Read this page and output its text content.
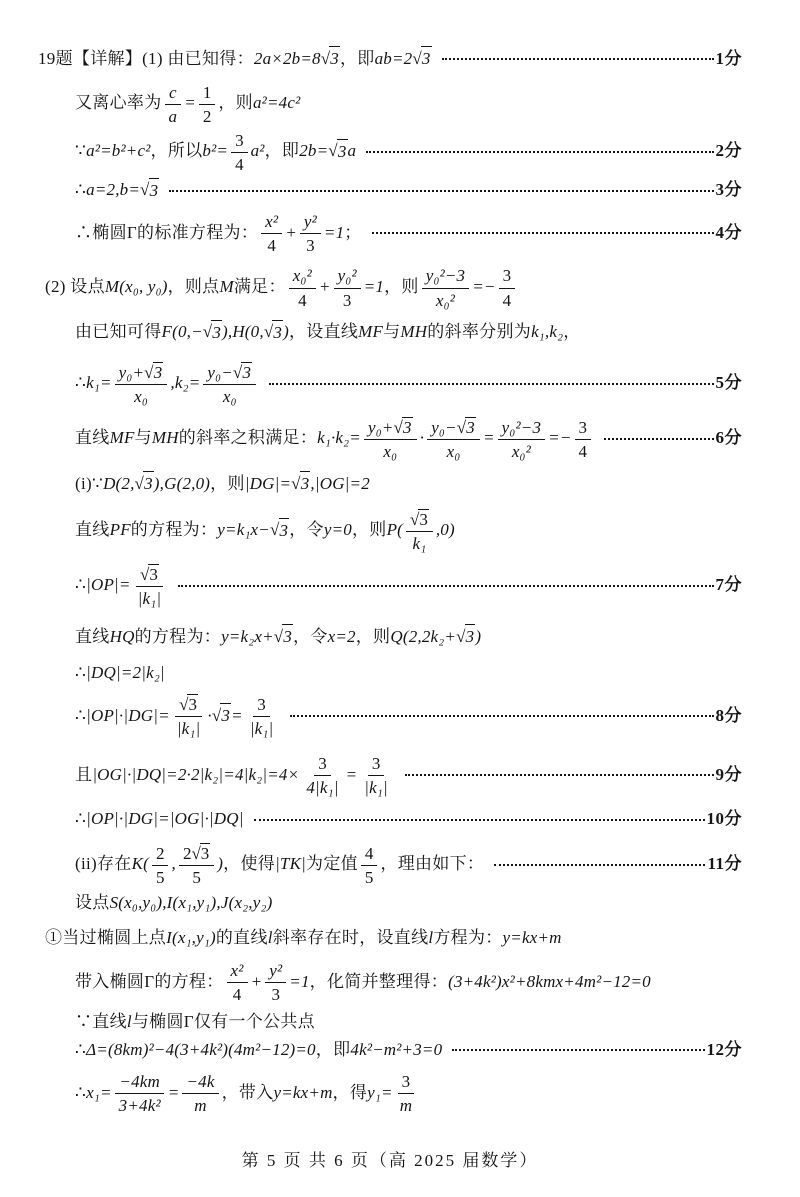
19题【详解】(1) 由已知得： 2a×2b=8√ 3 ，即 ab=2√ 3	1分
又离心率为 $\frac{c}{a} = \frac{1}{2}$ ，则 a²=4c²
∵ a²=b²+c² ，所以 $b^2= \frac{3}{4} a^2$ ，即 2b=√ 3 a	2分
∴ a=2,b=√ 3	3分
∴椭圆Γ的标准方程为： $\frac{\text{x²}}{4} + \frac{\text{y²}}{3} =1$ ；	4分
(2) 设点 M(x₀, y₀) ，则点 M 满足： $\frac{\text{x₀²}}{4} + \frac{\text{y₀²}}{3} =1$ ，则 $\frac{\text{y₀²−3}}{\text{x₀²}} =- \frac{3}{4}$
由已知可得 F(0,−√ 3 ),H(0,√ 3 ) ，设直线 MF 与 MH 的斜率分别为 k₁,k₂ ，
∴ $k_1= \frac{\text{y₀+√ 3}}{\text{x₀}} ,k_2= \frac{\text{y₀−√ 3}}{\text{x₀}}$	5分
直线 MF 与 MH 的斜率之积满足： $k_1\cdot k_2= \frac{\text{y₀+√ 3}}{\text{x₀}} \cdot \frac{\text{y₀−√ 3}}{\text{x₀}} = \frac{\text{y₀²−3}}{\text{x₀²}} =- \frac{3}{4}$	6分
(i)∵ D(2,√ 3 ),G(2,0) ，则 |DG|=√ 3 ,|OG|=2
直线 PF 的方程为： y=k₁x−√ 3 ，令 y=0 ，则 $P( \frac{√ 3}{\text{k₁}} ,0)$
∴ $|OP|= \frac{√ 3}{\text{|k₁|}}$	7分
直线 HQ 的方程为： y=k₂x+√ 3 ，令 x=2 ，则 Q(2,2k₂+√ 3 )
∴ |DQ|=2|k₂|
∴ $|OP|\cdot|DG|= \frac{√ 3}{\text{|k₁|}}$ ·√ $3 = \frac{3}{\text{|k₁|}}$	8分
且 $|OG|\cdot|DQ|=2\cdot 2|k_2|=4|k_2|=4\times \frac{3}{\text{4|k₁|}} = \frac{3}{\text{|k₁|}}$	9分
∴ |OP|·|DG|=|OG|·|DQ|	10分
(ii)存在 $K( \frac{2}{5}$ , $\frac{2√ 3}{5}$ ) ，使得 |TK| 为定值 $\frac{4}{5}$ ，理由如下：	11分
设点 S(x₀,y₀),I(x₁,y₁),J(x₂,y₂)
①当过椭圆上点 I(x₁,y₁) 的直线 l 斜率存在时，设直线 l 方程为： y=kx+m
带入椭圆Γ的方程： $\frac{\text{x²}}{4} + \frac{\text{y²}}{3} =1$ ，化简并整理得： (3+4k²)x²+8kmx+4m²−12=0
∵直线 l 与椭圆Γ仅有一个公共点
∴ Δ=(8km)²−4(3+4k²)(4m²−12)=0 ，即 4k²−m²+3=0	12分
∴ $x_1= \frac{-4km}{\text{3+4k²}} = \frac{-4k}{m}$ ，带入 y=kx+m ，得 $y_1= \frac{3}{m}$
第 5 页 共 6 页（高 2025 届数学）
